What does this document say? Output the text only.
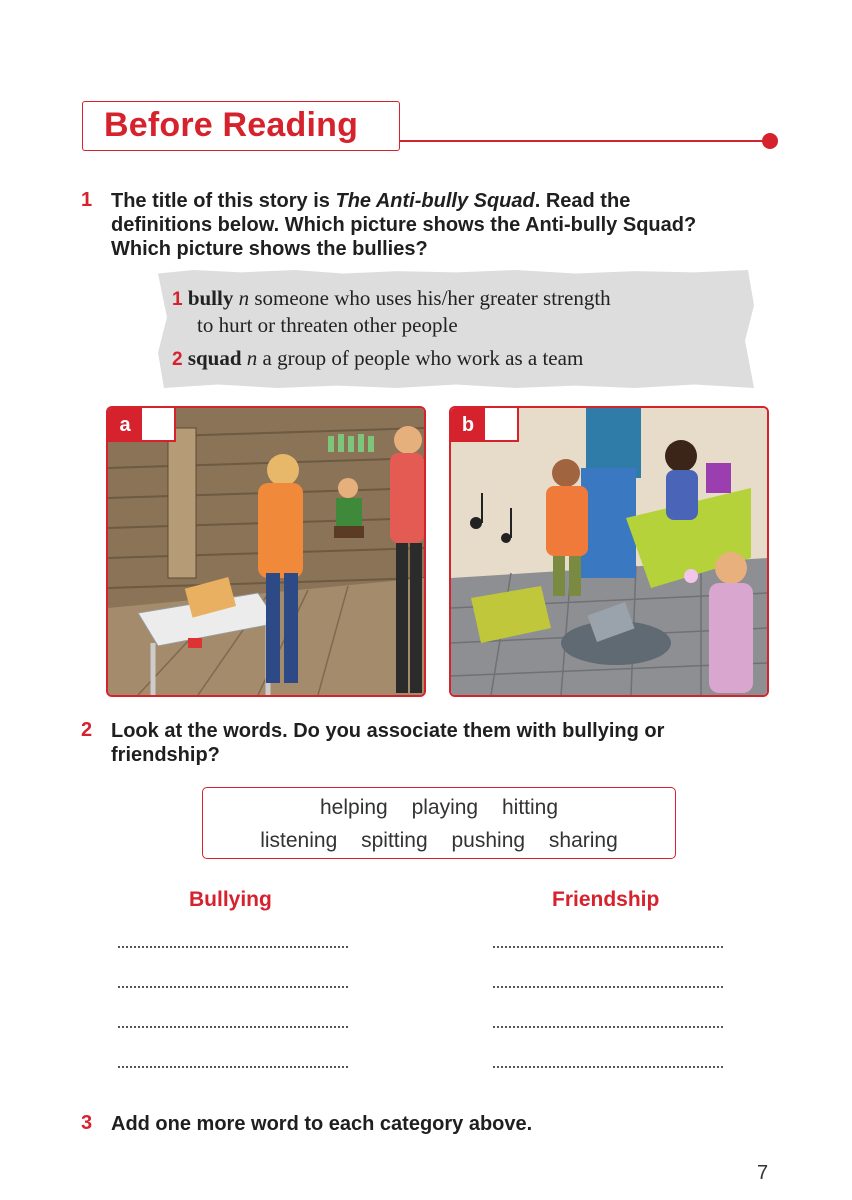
Before Reading
1 The title of this story is The Anti-bully Squad. Read the
definitions below. Which picture shows the Anti-bully Squad?
Which picture shows the bullies?
1 bully n someone who uses his/her greater strength
to hurt or threaten other people
2 squad n a group of people who work as a team
a	b
2 Look at the words. Do you associate them with bullying or
friendship?
helping playing hitting
listening spitting pushing sharing
Bullying	Friendship
3 Add one more word to each category above.
7
